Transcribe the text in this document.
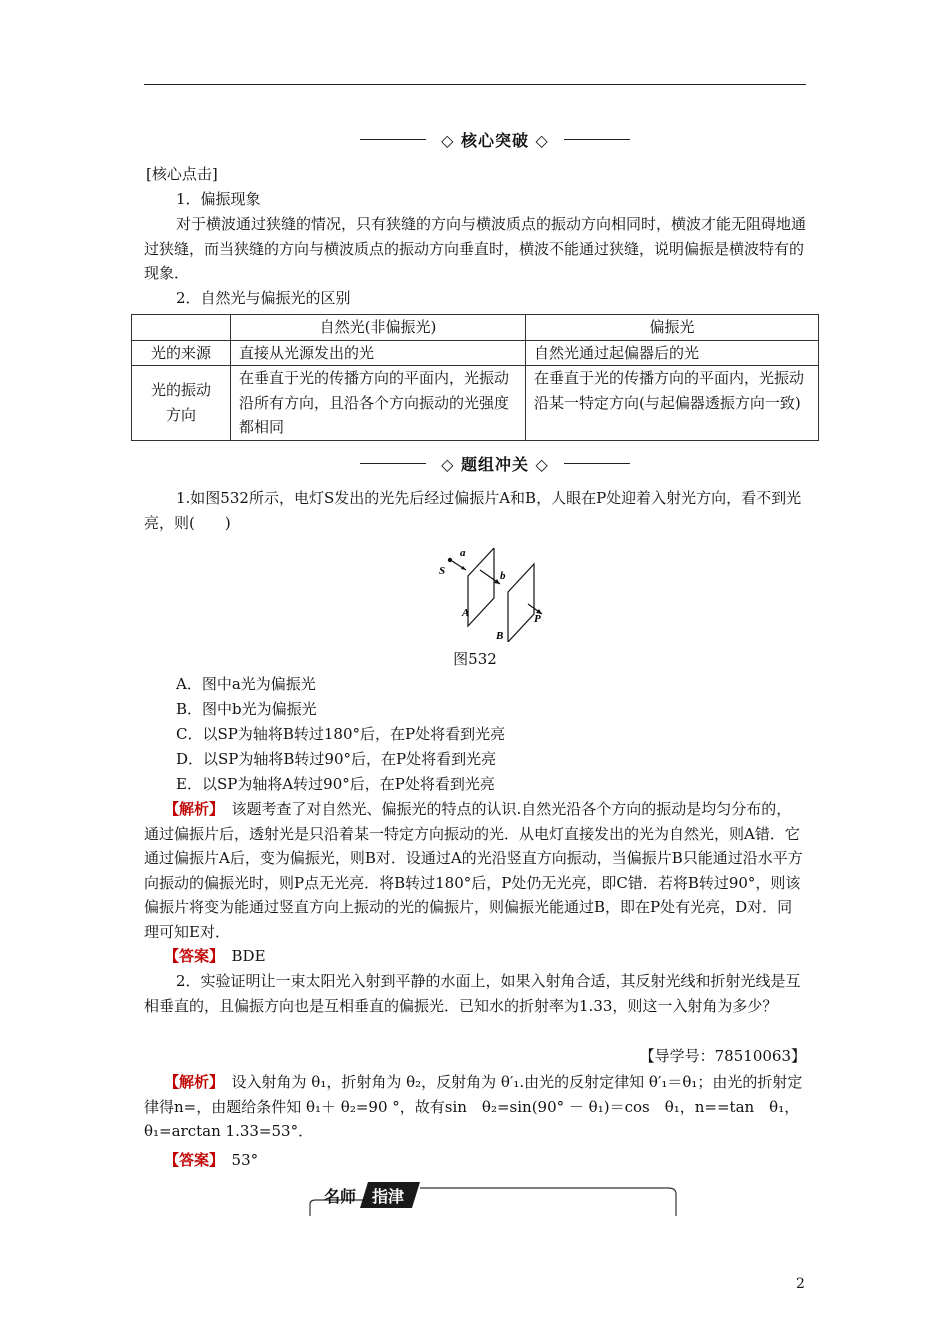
◇ 核心突破 ◇

[核心点击]

1．偏振现象

对于横波通过狭缝的情况，只有狭缝的方向与横波质点的振动方向相同时，横波才能无阻碍地通过狭缝，而当狭缝的方向与横波质点的振动方向垂直时，横波不能通过狭缝，说明偏振是横波特有的现象．

2．自然光与偏振光的区别

	自然光(非偏振光)	偏振光
光的来源	直接从光源发出的光	自然光通过起偏器后的光
光的振动方向	在垂直于光的传播方向的平面内，光振动沿所有方向，且沿各个方向振动的光强度都相同	在垂直于光的传播方向的平面内，光振动沿某一特定方向(与起偏器透振方向一致)
◇ 题组冲关 ◇

1.如图532所示，电灯S发出的光先后经过偏振片A和B，人眼在P处迎着入射光方向，看不到光亮，则(　　)

a
S	b
A
B
P
图532

A．图中a光为偏振光

B．图中b光为偏振光

C．以SP为轴将B转过180°后，在P处将看到光亮

D．以SP为轴将B转过90°后，在P处将看到光亮

E．以SP为轴将A转过90°后，在P处将看到光亮

【解析】　 该题考查了对自然光、偏振光的特点的认识.自然光沿各个方向的振动是均匀分布的，通过偏振片后，透射光是只沿着某一特定方向振动的光．从电灯直接发出的光为自然光，则A错．它通过偏振片A后，变为偏振光，则B对．设通过A的光沿竖直方向振动，当偏振片B只能通过沿水平方向振动的偏振光时，则P点无光亮．将B转过180°后，P处仍无光亮，即C错．若将B转过90°，则该偏振片将变为能通过竖直方向上振动的光的偏振片，则偏振光能通过B，即在P处有光亮，D对．同理可知E对．

【答案】　 BDE

2．实验证明让一束太阳光入射到平静的水面上，如果入射角合适，其反射光线和折射光线是互相垂直的，且偏振方向也是互相垂直的偏振光．已知水的折射率为1.33，则这一入射角为多少？

【导学号：78510063】

【解析】　 设入射角为 θ₁，折射角为 θ₂，反射角为 θ′₁.由光的反射定律知 θ′₁＝θ₁；由光的折射定律得n=，由题给条件知 θ₁＋ θ₂=90 °，故有sin　θ₂=sin(90° － θ₁)＝cos　θ₁，n==tan　θ₁， θ₁=arctan 1.33=53°．

【答案】　 53°

名师 指津
2
